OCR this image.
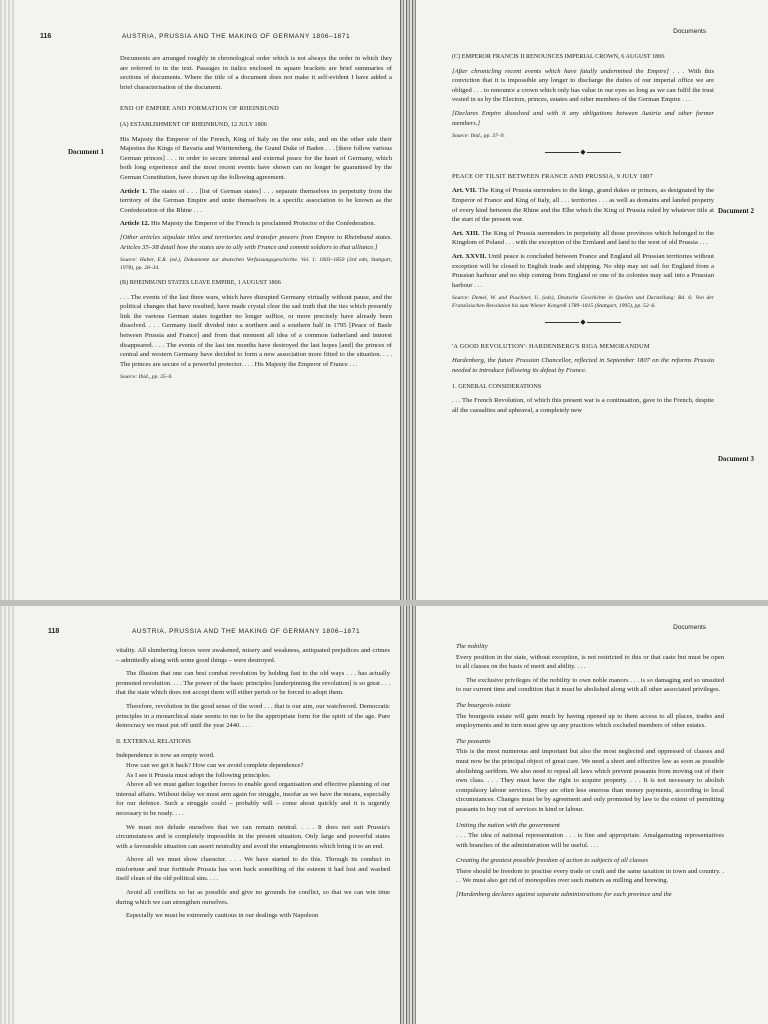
116	AUSTRIA, PRUSSIA AND THE MAKING OF GERMANY 1806–1871
Document 1

Documents are arranged roughly in chronological order which is not always the order in which they are referred to in the text. Passages in italics enclosed in square brackets are brief summaries of sections of documents. Where the title of a document does not make it self-evident I have added a brief characterisation of the document.

END OF EMPIRE AND FORMATION OF RHEINBUND

(A) ESTABLISHMENT OF RHEINBUND, 12 JULY 1806

His Majesty the Emperor of the French, King of Italy on the one side, and on the other side their Majesties the Kings of Bavaria and Württemberg, the Grand Duke of Baden . . . [there follow various German princes] . . . in order to secure internal and external peace for the heart of Germany, which both long experience and the most recent events have shown can no longer be guaranteed by the German Constitution, have drawn up the following agreement.

Article 1. The states of . . . [list of German states] . . . separate themselves in perpetuity from the territory of the German Empire and unite themselves in a specific association to be known as the Confederation of the Rhine . . .

Article 12. His Majesty the Emperor of the French is proclaimed Protector of the Confederation.

[Other articles stipulate titles and territories and transfer powers from Empire to Rheinbund states. Articles 35–38 detail how the states are to ally with France and commit soldiers to that alliance.]

Source: Huber, E.R. (ed.), Dokumente zur deutschen Verfassungsgeschichte. Vol. 1: 1803–1850 (3rd edn, Stuttgart, 1978), pp. 28–34.

(B) RHEINBUND STATES LEAVE EMPIRE, 1 AUGUST 1806

. . . The events of the last three wars, which have disrupted Germany virtually without pause, and the political changes that have resulted, have made crystal clear the sad truth that the ties which presently link the various German states together no longer suffice, or more precisely have already been dissolved. . . . Germany itself divided into a northern and a southern half in 1795 [Peace of Basle between Prussia and France] and from that moment all idea of a common fatherland and interest disappeared. . . . The events of the last ten months have destroyed the last hopes [and] the princes of central and western Germany have decided to form a new association more fitted to the situation. . . . The princes are secure of a powerful protector. . . . His Majesty the Emperor of France . . .

Source: Ibid., pp. 35–6.

Documents
Document 2
Document 3

(C) EMPEROR FRANCIS II RENOUNCES IMPERIAL CROWN, 6 AUGUST 1806

[After chronicling recent events which have fatally undermined the Empire] . . . With this conviction that it is impossible any longer to discharge the duties of our imperial office we are obliged . . . to renounce a crown which only has value in our eyes so long as we can fulfil the trust vested in us by the Electors, princes, estates and other members of the German Empire . . .

[Declares Empire dissolved and with it any obligations between Austria and other former members.]

Source: Ibid., pp. 37–9.

◆

PEACE OF TILSIT BETWEEN FRANCE AND PRUSSIA, 9 JULY 1807

Art. VII. The King of Prussia surrenders to the kings, grand dukes or princes, as designated by the Emperor of France and King of Italy, all . . . territories . . . as well as domains and landed property of every kind between the Rhine and the Elbe which the King of Prussia ruled by whatever title at the start of the present war.

Art. XIII. The King of Prussia surrenders in perpetuity all those provinces which belonged to the Kingdom of Poland . . . with the exception of the Ermland and land to the west of old Prussia . . .

Art. XXVII. Until peace is concluded between France and England all Prussian territories without exception will be closed to English trade and shipping. No ship may set sail for England from a Prussian harbour and no ship coming from England or one of its colonies may sail into a Prussian harbour . . .

Source: Demel, W. and Puschner, U. (eds), Deutsche Geschichte in Quellen und Darstellung: Bd. 6: Von der Französischen Revolution bis zum Wiener Kongreß 1789–1815 (Stuttgart, 1995), pp. 52–6.

◆

'A GOOD REVOLUTION': HARDENBERG'S RIGA MEMORANDUM

Hardenberg, the future Prussian Chancellor, reflected in September 1807 on the reforms Prussia needed to introduce following its defeat by France.

1. GENERAL CONSIDERATIONS

. . . The French Revolution, of which this present war is a continuation, gave to the French, despite all the casualties and upheaval, a completely new

118	AUSTRIA, PRUSSIA AND THE MAKING OF GERMANY 1806–1871

vitality. All slumbering forces were awakened, misery and weakness, antiquated prejudices and crimes – admittedly along with some good things – were destroyed.

The illusion that one can best combat revolution by holding fast to the old ways . . . has actually promoted revolution. . . . The power of the basic principles [underpinning the revolution] is so great . . . that the state which does not accept them will either perish or be forced to adopt them.

Therefore, revolution in the good sense of the word . . . that is our aim, our watchword. Democratic principles in a monarchical state seems to me to be the appropriate form for the spirit of the age. Pure democracy we must put off until the year 2440. . . .

II. EXTERNAL RELATIONS

Independence is now an empty word.

How can we get it back? How can we avoid complete dependence?

As I see it Prussia must adopt the following principles.

Above all we must gather together forces to enable good organisation and effective planning of our internal affairs. Without delay we must arm again for struggle, insofar as we have the means, especially for our defence. Such a struggle could – probably will – come about quickly and it is urgently necessary to be ready. . . .

We must not delude ourselves that we can remain neutral. . . . It does not suit Prussia's circumstances and is completely impossible in the present situation. Only large and powerful states with a favourable situation can assert neutrality and avoid the entanglements which bring it to an end.

Above all we must show character. . . . We have started to do this. Through its conduct in misfortune and true fortitude Prussia has won back something of the esteem it had lost and washed itself clean of the old political sins. . . .

Avoid all conflicts so far as possible and give no grounds for conflict, so that we can win time during which we can strengthen ourselves.

Especially we must be extremely cautious in our dealings with Napoleon

Documents

The nobility

Every position in the state, without exception, is not restricted to this or that caste but must be open to all classes on the basis of merit and ability. . . .

The exclusive privileges of the nobility to own noble manors . . . is so damaging and so unsuited to our current time and condition that it must be abolished along with all other associated privileges.

The bourgeois estate

The bourgeois estate will gain much by having opened up to them access to all places, trades and employments and in turn must give up any practices which excluded members of other estates.

The peasants

This is the most numerous and important but also the most neglected and oppressed of classes and must now be the principal object of great care. We need a short and effective law as soon as possible abolishing serfdom. We also need to repeal all laws which prevent peasants from moving out of their own class. . . . They must have the right to acquire property. . . . It is not necessary to abolish compulsory labour services. They are often less onerous than money payments, according to local circumstances. Changes must be by agreement and only promoted by law to the extent of permitting peasants to buy out of services in kind or labour.

Uniting the nation with the government

. . . The idea of national representation . . . is fine and appropriate. Amalgamating representatives with branches of the administration will be useful. . . .

Creating the greatest possible freedom of action to subjects of all classes

There should be freedom to practise every trade or craft and the same taxation in town and country. . . . We must also get rid of monopolies over such matters as milling and brewing.

[Hardenberg declares against separate administrations for each province and the
